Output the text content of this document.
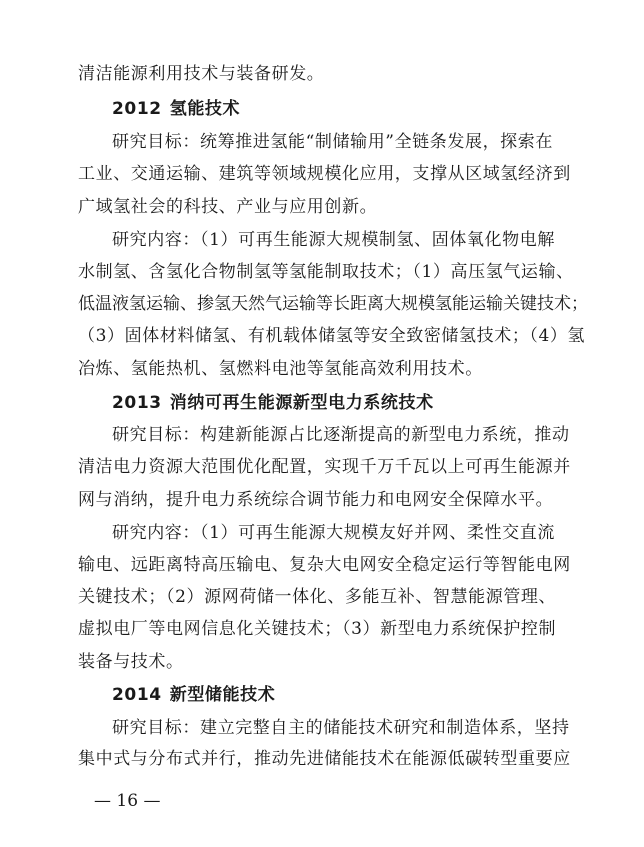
清洁能源利用技术与装备研发。
2012 氢能技术
研究目标：统筹推进氢能“制储输用”全链条发展，探索在
工业、交通运输、建筑等领域规模化应用，支撑从区域氢经济到
广域氢社会的科技、产业与应用创新。
研究内容：（1）可再生能源大规模制氢、固体氧化物电解
水制氢、含氢化合物制氢等氢能制取技术；（1）高压氢气运输、
低温液氢运输、掺氢天然气运输等长距离大规模氢能运输关键技术；
（3）固体材料储氢、有机载体储氢等安全致密储氢技术；（4）氢
冶炼、氢能热机、氢燃料电池等氢能高效利用技术。
2013 消纳可再生能源新型电力系统技术
研究目标：构建新能源占比逐渐提高的新型电力系统，推动
清洁电力资源大范围优化配置，实现千万千瓦以上可再生能源并
网与消纳，提升电力系统综合调节能力和电网安全保障水平。
研究内容：（1）可再生能源大规模友好并网、柔性交直流
输电、远距离特高压输电、复杂大电网安全稳定运行等智能电网
关键技术；（2）源网荷储一体化、多能互补、智慧能源管理、
虚拟电厂等电网信息化关键技术；（3）新型电力系统保护控制
装备与技术。
2014 新型储能技术
研究目标：建立完整自主的储能技术研究和制造体系，坚持
集中式与分布式并行，推动先进储能技术在能源低碳转型重要应
— 16 —
